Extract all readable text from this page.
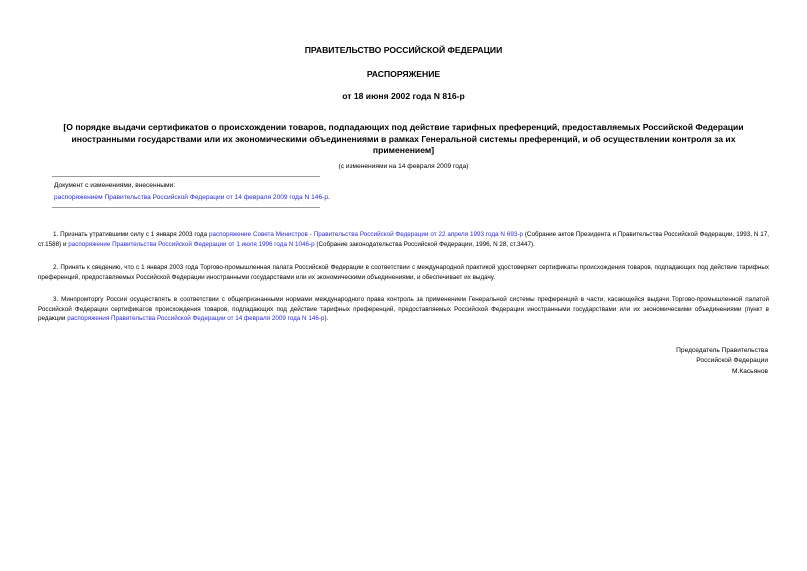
ПРАВИТЕЛЬСТВО РОССИЙСКОЙ ФЕДЕРАЦИИ
РАСПОРЯЖЕНИЕ
от 18 июня 2002 года N 816-р
[О порядке выдачи сертификатов о происхождении товаров, подпадающих под действие тарифных преференций, предоставляемых Российской Федерации иностранными государствами или их экономическими объединениями в рамках Генеральной системы преференций, и об осуществлении контроля за их применением]
(с изменениями на 14 февраля 2009 года)
Документ с изменениями, внесенными:
распоряжением Правительства Российской Федерации от 14 февраля 2009 года N 146-р.
1. Признать утратившими силу с 1 января 2003 года распоряжение Совета Министров - Правительства Российской Федерации от 22 апреля 1993 года N 693-р (Собрание актов Президента и Правительства Российской Федерации, 1993, N 17, ст.1588) и распоряжение Правительства Российской Федерации от 1 июля 1996 года N 1046-р (Собрание законодательства Российской Федерации, 1996, N 28, ст.3447).
2. Принять к сведению, что с 1 января 2003 года Торгово-промышленная палата Российской Федерации в соответствии с международной практикой удостоверяет сертификаты происхождения товаров, подпадающих под действие тарифных преференций, предоставляемых Российской Федерации иностранными государствами или их экономическими объединениями, и обеспечивает их выдачу.
3. Минпромторгу России осуществлять в соответствии с общепризнанными нормами международного права контроль за применением Генеральной системы преференций в части, касающейся выдачи Торгово-промышленной палатой Российской Федерации сертификатов происхождения товаров, подпадающих под действие тарифных преференций, предоставляемых Российской Федерации иностранными государствами или их экономическими объединениями (пункт в редакции распоряжения Правительства Российской Федерации от 14 февраля 2009 года N 146-р).
Председатель Правительства
Российской Федерации
М.Касьянов
